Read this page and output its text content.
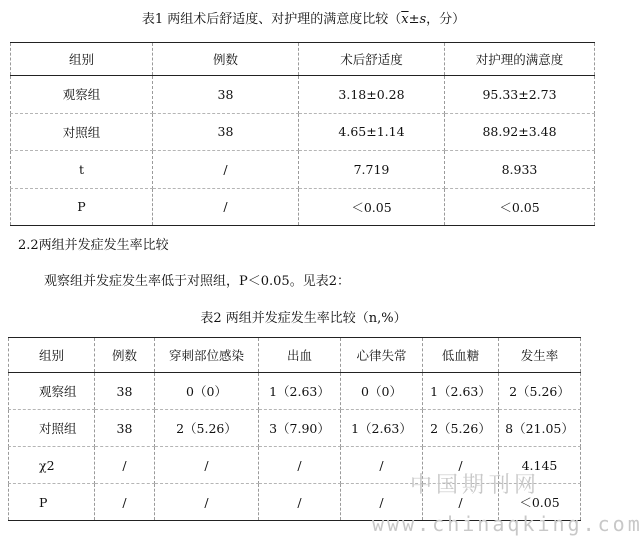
表1 两组术后舒适度、对护理的满意度比较（$\overline{x}\pm s$，分）
组别	例数	术后舒适度	对护理的满意度
观察组	38	3.18±0.28	95.33±2.73
对照组	38	4.65±1.14	88.92±3.48
t	/	7.719	8.933
P	/	＜0.05	＜0.05
2.2两组并发症发生率比较
观察组并发症发生率低于对照组，P＜0.05。见表2：
表2 两组并发症发生率比较（n,%）
组别	例数	穿刺部位感染	出血	心律失常	低血糖	发生率
观察组	38	0（0）	1（2.63）	0（0）	1（2.63）	2（5.26）
对照组	38	2（5.26）	3（7.90）	1（2.63）	2（5.26）	8（21.05）
χ2	/	/	/	/	/	4.145
P	/	/	/	/	/	＜0.05
中国期刊网
www.chinaqking.com
